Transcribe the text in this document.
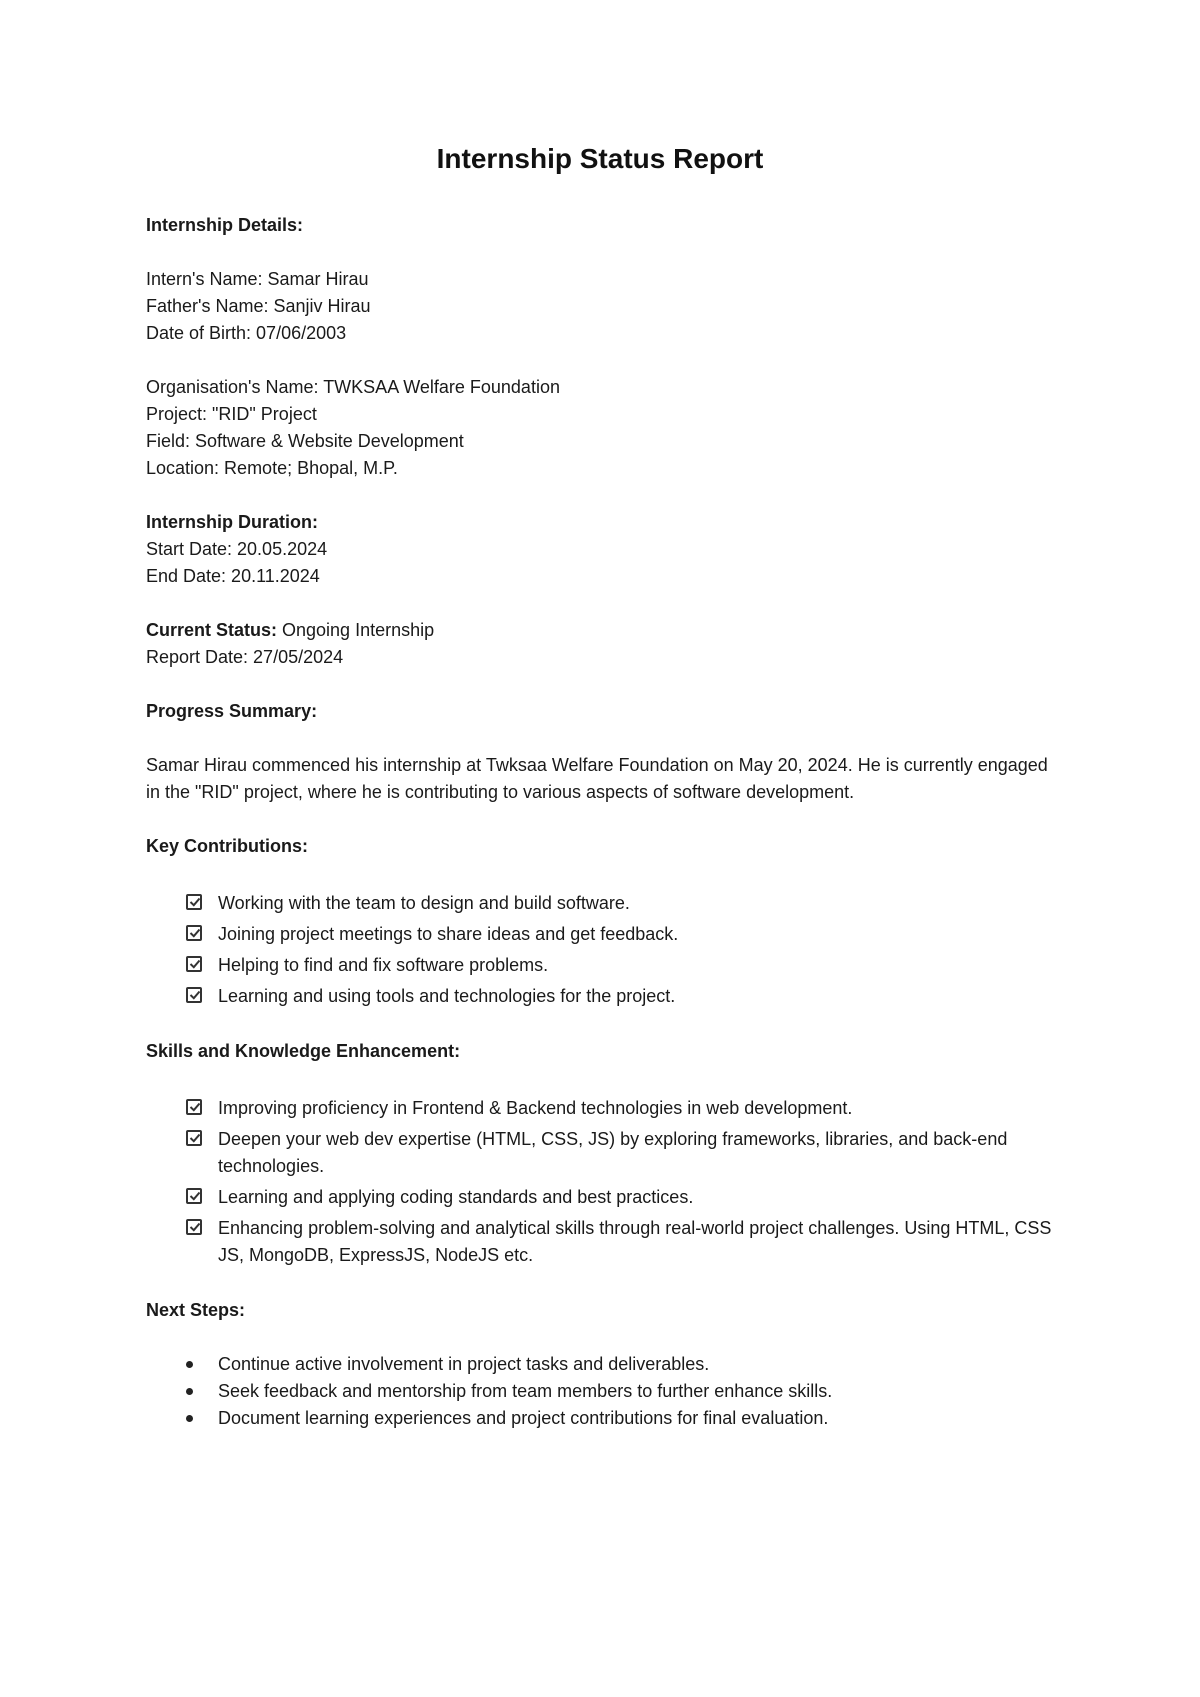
Internship Status Report

Internship Details:

Intern's Name: Samar Hirau

Father's Name: Sanjiv Hirau

Date of Birth: 07/06/2003

Organisation's Name: TWKSAA Welfare Foundation

Project: "RID" Project

Field: Software & Website Development

Location: Remote; Bhopal, M.P.

Internship Duration:

Start Date: 20.05.2024

End Date: 20.11.2024

Current Status: Ongoing Internship

Report Date: 27/05/2024

Progress Summary:

Samar Hirau commenced his internship at Twksaa Welfare Foundation on May 20, 2024. He is currently engaged in the "RID" project, where he is contributing to various aspects of software development.

Key Contributions:

Working with the team to design and build software.
Joining project meetings to share ideas and get feedback.
Helping to find and fix software problems.
Learning and using tools and technologies for the project.

Skills and Knowledge Enhancement:

Improving proficiency in Frontend & Backend technologies in web development.
Deepen your web dev expertise (HTML, CSS, JS) by exploring frameworks, libraries, and back-end technologies.
Learning and applying coding standards and best practices.
Enhancing problem-solving and analytical skills through real-world project challenges. Using HTML, CSS JS, MongoDB, ExpressJS, NodeJS etc.

Next Steps:

Continue active involvement in project tasks and deliverables.
Seek feedback and mentorship from team members to further enhance skills.
Document learning experiences and project contributions for final evaluation.
